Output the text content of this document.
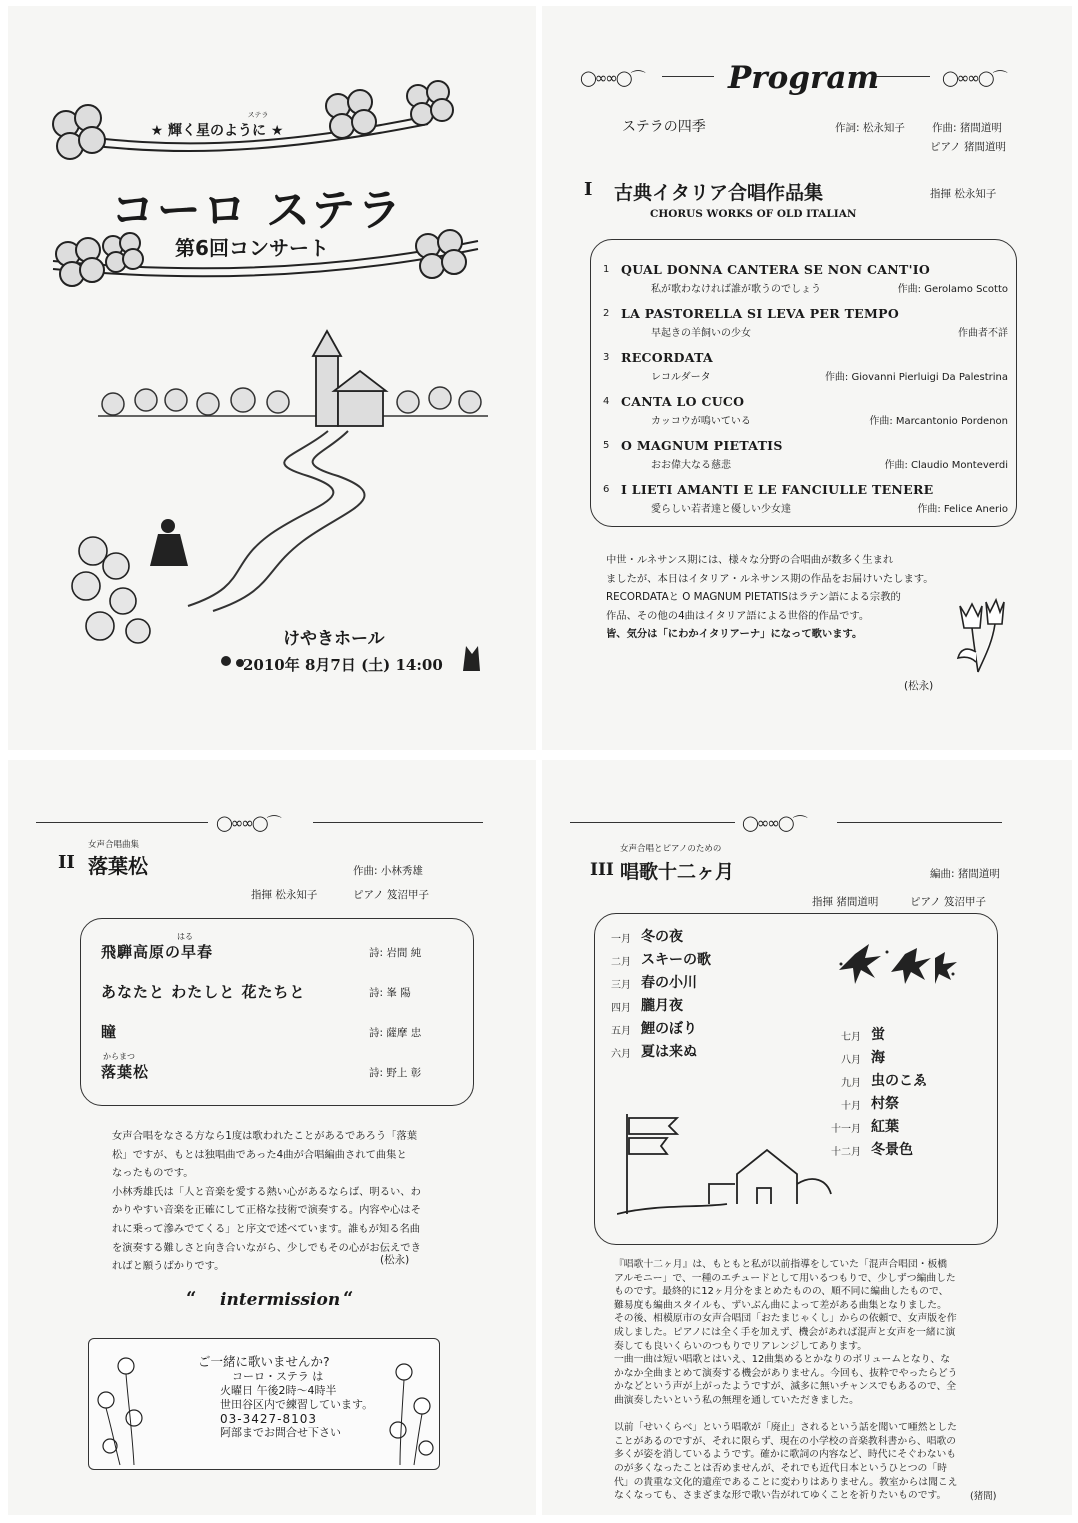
ステラ
★ 輝く星のように ★
コーロ ステラ
第6回コンサート
けやきホール
2010年 8月7日 (土) 14:00
◯∞∞◯⌒	◯∞∞◯⌒
Program
ステラの四季	作詞: 松永知子	作曲: 猪間道明
ピアノ 猪間道明
I 古典イタリア合唱作品集	指揮 松永知子
CHORUS WORKS OF OLD ITALIAN
1 QUAL DONNA CANTERA SE NON CANT'IO
私が歌わなければ誰が歌うのでしょう	作曲: Gerolamo Scotto
2 LA PASTORELLA SI LEVA PER TEMPO
早起きの羊飼いの少女	作曲者不詳
3 RECORDATA
レコルダータ	作曲: Giovanni Pierluigi Da Palestrina
4 CANTA LO CUCO
カッコウが鳴いている	作曲: Marcantonio Pordenon
5 O MAGNUM PIETATIS
おお偉大なる慈悲	作曲: Claudio Monteverdi
6 I LIETI AMANTI E LE FANCIULLE TENERE
愛らしい若者達と優しい少女達	作曲: Felice Anerio
中世・ルネサンス期には、様々な分野の合唱曲が数多く生まれ
ましたが、本日はイタリア・ルネサンス期の作品をお届けいたします。
RECORDATAと O MAGNUM PIETATISはラテン語による宗教的
作品、その他の4曲はイタリア語による世俗的作品です。
皆、気分は「にわかイタリアーナ」になって歌います。
(松永)
◯∞∞◯⌒
女声合唱曲集
II 落葉松	作曲: 小林秀雄
指揮 松永知子	ピアノ 笈沼甲子
はる
飛騨高原の早春	詩: 岩間 純
あなたと わたしと 花たちと	詩: 峯 陽
瞳	詩: 薩摩 忠
からまつ
落葉松	詩: 野上 彰
女声合唱をなさる方なら1度は歌われたことがあるであろう「落葉
松」ですが、もとは独唱曲であった4曲が合唱編曲されて曲集と
なったものです。
小林秀雄氏は「人と音楽を愛する熱い心があるならば、明るい、わ
かりやすい音楽を正確にして正格な技術で演奏する。内容や心はそ
れに乗って滲みでてくる」と序文で述べています。誰もが知る名曲
を演奏する難しさと向き合いながら、少しでもその心がお伝えでき
ればと願うばかりです。
(松永)
“ intermission “
ご一緒に歌いませんか?
コーロ・ステラ は
火曜日 午後2時〜4時半
世田谷区内で練習しています。
03-3427-8103
阿部までお問合せ下さい
◯∞∞◯⌒
女声合唱とピアノのための
III 唱歌十二ヶ月	編曲: 猪間道明
指揮 猪間道明	ピアノ 笈沼甲子
一月 冬の夜
二月 スキーの歌
三月 春の小川
四月 朧月夜
五月 鯉のぼり
六月 夏は来ぬ
七月 蛍
八月 海
九月 虫のこゑ
十月 村祭
十一月 紅葉
十二月 冬景色
『唱歌十二ヶ月』は、もともと私が以前指導をしていた「混声合唱団・板橋
アルモニー」で、一種のエチュードとして用いるつもりで、少しずつ編曲した
ものです。最終的に12ヶ月分をまとめたものの、順不同に編曲したもので、
難易度も編曲スタイルも、ずいぶん曲によって差がある曲集となりました。
その後、相模原市の女声合唱団「おたまじゃくし」からの依頼で、女声版を作
成しました。ピアノには全く手を加えず、機会があれば混声と女声を一緒に演
奏しても良いくらいのつもりでリアレンジしてあります。
一曲一曲は短い唱歌とはいえ、12曲集めるとかなりのボリュームとなり、な
かなか全曲まとめて演奏する機会がありません。今回も、抜粋でやったらどう
かなどという声が上がったようですが、滅多に無いチャンスでもあるので、全
曲演奏したいという私の無理を通していただきました。
以前「せいくらべ」という唱歌が「廃止」されるという話を聞いて唖然とした
ことがあるのですが、それに限らず、現在の小学校の音楽教科書から、唱歌の
多くが姿を消しているようです。確かに歌詞の内容など、時代にそぐわないも
のが多くなったことは否めませんが、それでも近代日本というひとつの「時
代」の貴重な文化的遺産であることに変わりはありません。教室からは聞こえ
なくなっても、さまざまな形で歌い告がれてゆくことを祈りたいものです。	(猪間)
